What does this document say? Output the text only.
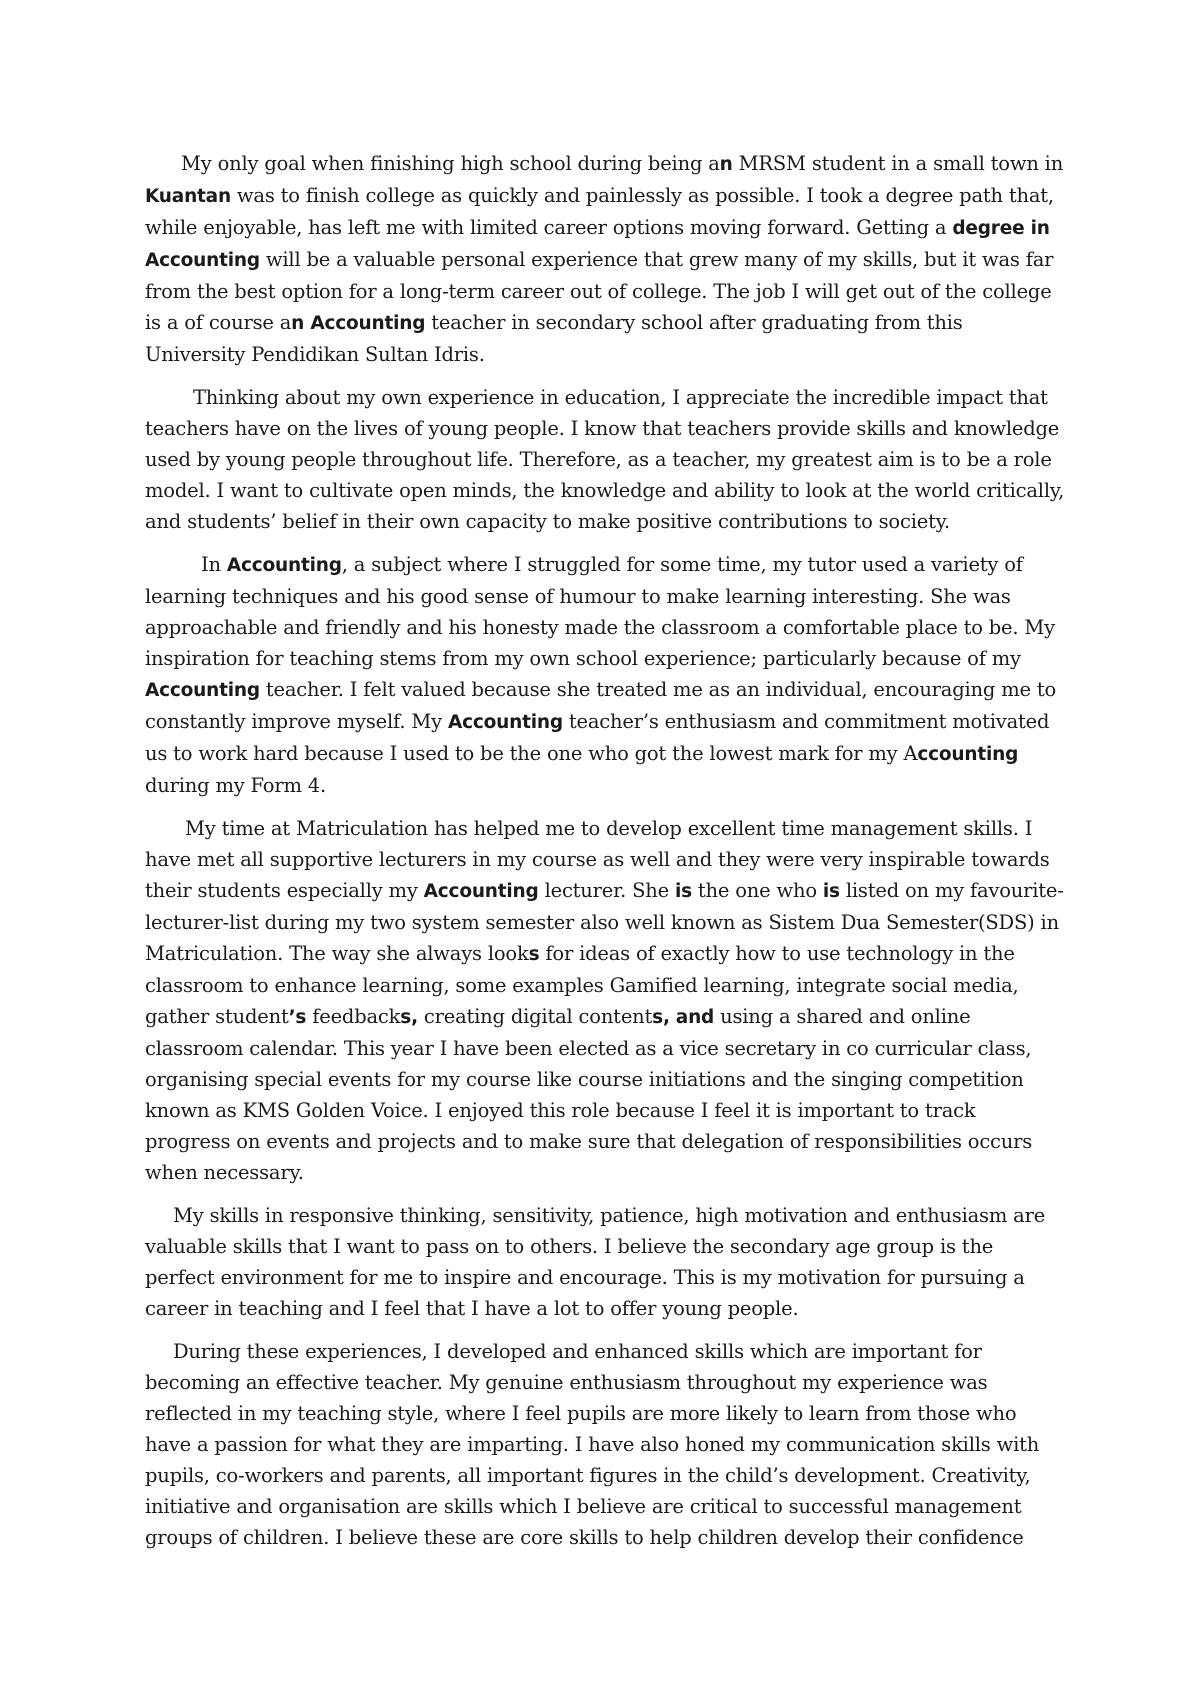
My only goal when finishing high school during being an MRSM student in a small town in Kuantan was to finish college as quickly and painlessly as possible. I took a degree path that, while enjoyable, has left me with limited career options moving forward. Getting a degree in Accounting will be a valuable personal experience that grew many of my skills, but it was far from the best option for a long-term career out of college. The job I will get out of the college is a of course an Accounting teacher in secondary school after graduating from this University Pendidikan Sultan Idris.

Thinking about my own experience in education, I appreciate the incredible impact that teachers have on the lives of young people. I know that teachers provide skills and knowledge used by young people throughout life. Therefore, as a teacher, my greatest aim is to be a role model. I want to cultivate open minds, the knowledge and ability to look at the world critically, and students’ belief in their own capacity to make positive contributions to society.

In Accounting, a subject where I struggled for some time, my tutor used a variety of learning techniques and his good sense of humour to make learning interesting. She was approachable and friendly and his honesty made the classroom a comfortable place to be. My inspiration for teaching stems from my own school experience; particularly because of my Accounting teacher. I felt valued because she treated me as an individual, encouraging me to constantly improve myself. My Accounting teacher’s enthusiasm and commitment motivated us to work hard because I used to be the one who got the lowest mark for my Accounting during my Form 4.

My time at Matriculation has helped me to develop excellent time management skills. I have met all supportive lecturers in my course as well and they were very inspirable towards their students especially my Accounting lecturer. She is the one who is listed on my favourite-lecturer-list during my two system semester also well known as Sistem Dua Semester(SDS) in Matriculation. The way she always looks for ideas of exactly how to use technology in the classroom to enhance learning, some examples Gamified learning, integrate social media, gather student’s feedbacks, creating digital contents, and using a shared and online classroom calendar. This year I have been elected as a vice secretary in co curricular class, organising special events for my course like course initiations and the singing competition known as KMS Golden Voice. I enjoyed this role because I feel it is important to track progress on events and projects and to make sure that delegation of responsibilities occurs when necessary.

My skills in responsive thinking, sensitivity, patience, high motivation and enthusiasm are valuable skills that I want to pass on to others. I believe the secondary age group is the perfect environment for me to inspire and encourage. This is my motivation for pursuing a career in teaching and I feel that I have a lot to offer young people.

During these experiences, I developed and enhanced skills which are important for becoming an effective teacher. My genuine enthusiasm throughout my experience was reflected in my teaching style, where I feel pupils are more likely to learn from those who have a passion for what they are imparting. I have also honed my communication skills with pupils, co-workers and parents, all important figures in the child’s development. Creativity, initiative and organisation are skills which I believe are critical to successful management groups of children. I believe these are core skills to help children develop their confidence
